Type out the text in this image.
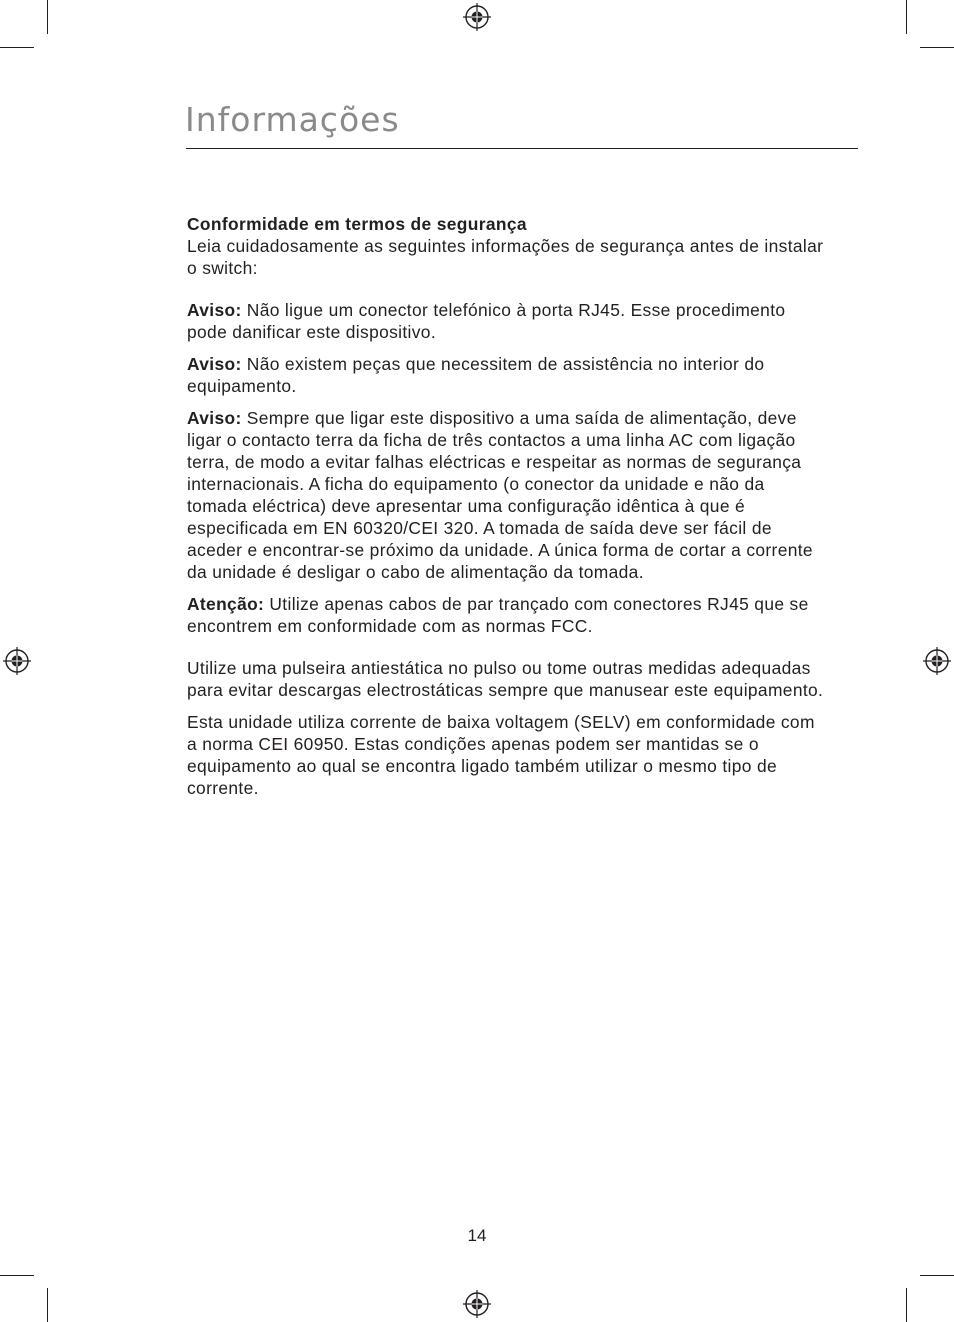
Informações

Conformidade em termos de segurança

Leia cuidadosamente as seguintes informações de segurança antes de instalar o switch:

Aviso: Não ligue um conector telefónico à porta RJ45. Esse procedimento pode danificar este dispositivo.

Aviso: Não existem peças que necessitem de assistência no interior do equipamento.

Aviso: Sempre que ligar este dispositivo a uma saída de alimentação, deve ligar o contacto terra da ficha de três contactos a uma linha AC com ligação terra, de modo a evitar falhas eléctricas e respeitar as normas de segurança internacionais. A ficha do equipamento (o conector da unidade e não da tomada eléctrica) deve apresentar uma configuração idêntica à que é especificada em EN 60320/CEI 320. A tomada de saída deve ser fácil de aceder e encontrar-se próximo da unidade. A única forma de cortar a corrente da unidade é desligar o cabo de alimentação da tomada.

Atenção: Utilize apenas cabos de par trançado com conectores RJ45 que se encontrem em conformidade com as normas FCC.

Utilize uma pulseira antiestática no pulso ou tome outras medidas adequadas para evitar descargas electrostáticas sempre que manusear este equipamento.

Esta unidade utiliza corrente de baixa voltagem (SELV) em conformidade com a norma CEI 60950. Estas condições apenas podem ser mantidas se o equipamento ao qual se encontra ligado também utilizar o mesmo tipo de corrente.

14
